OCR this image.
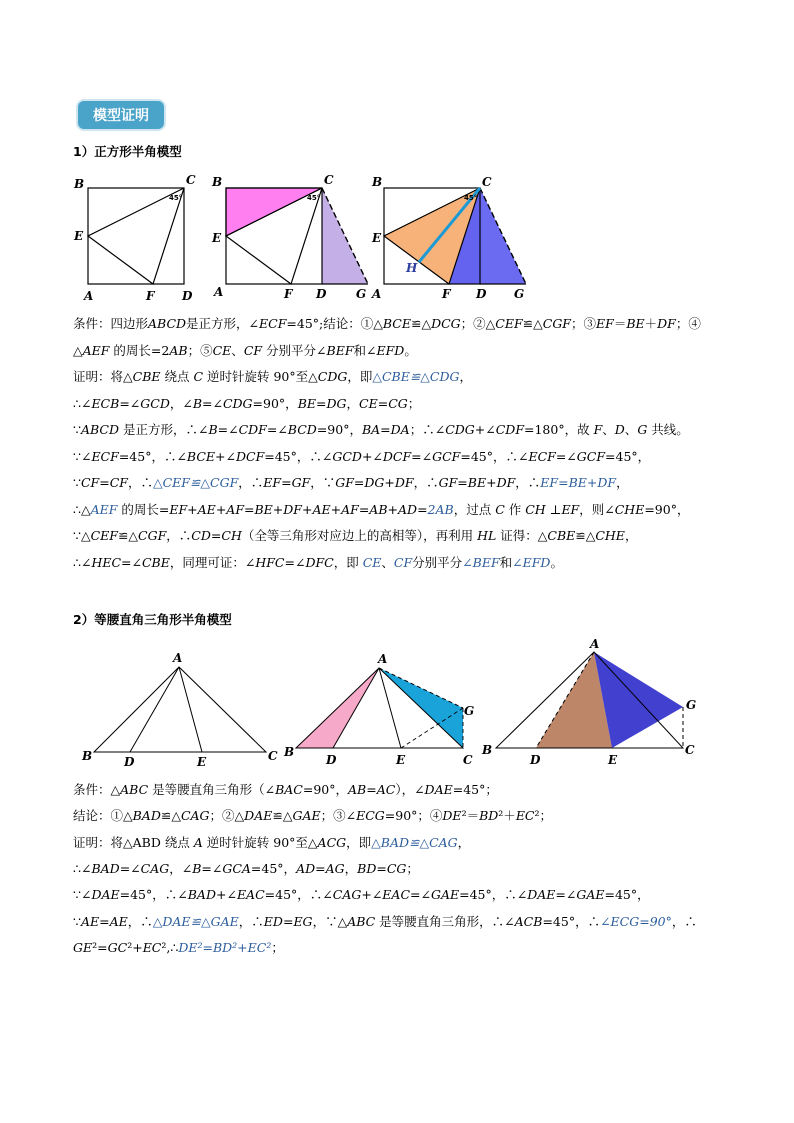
模型证明
1）正方形半角模型
B	C
E
A	F D
45°
B	C
E
A	F D G
45°
B	C
E
H
A	F D G
45°
条件：四边形ABCD是正方形，∠ECF=45°;结论：①△BCE≌△DCG；②△CEF≌△CGF；③EF＝BE＋DF；④
△AEF 的周长=2AB；⑤CE、CF 分别平分∠BEF和∠EFD。
证明：将△CBE 绕点 C 逆时针旋转 90°至△CDG，即△CBE≌△CDG，
∴∠ECB=∠GCD，∠B=∠CDG=90°，BE=DG，CE=CG；
∵ABCD 是正方形，∴∠B=∠CDF=∠BCD=90°，BA=DA；∴∠CDG+∠CDF=180°，故 F、D、G 共线。
∵∠ECF=45°，∴∠BCE+∠DCF=45°，∴∠GCD+∠DCF=∠GCF=45°，∴∠ECF=∠GCF=45°，
∵CF=CF，∴△CEF≌△CGF，∴EF=GF，∵GF=DG+DF，∴GF=BE+DF，∴EF=BE+DF，
∴△AEF 的周长=EF+AE+AF=BE+DF+AE+AF=AB+AD=2AB，过点 C 作 CH ⊥EF，则∠CHE=90°，
∵△CEF≌△CGF，∴CD=CH（全等三角形对应边上的高相等），再利用 HL 证得：△CBE≌△CHE，
∴∠HEC=∠CBE，同理可证：∠HFC=∠DFC，即 CE、CF分别平分∠BEF和∠EFD。
2）等腰直角三角形半角模型
A
B	D	E	C
A
B
D	E	C
G
A
B
D	E
C
G
条件：△ABC 是等腰直角三角形（∠BAC=90°，AB=AC），∠DAE=45°；
结论：①△BAD≌△CAG；②△DAE≌△GAE；③∠ECG=90°；④DE²＝BD²＋EC²；
证明：将△ABD 绕点 A 逆时针旋转 90°至△ACG，即△BAD≌△CAG，
∴∠BAD=∠CAG，∠B=∠GCA=45°，AD=AG，BD=CG；
∵∠DAE=45°，∴∠BAD+∠EAC=45°，∴∠CAG+∠EAC=∠GAE=45°，∴∠DAE=∠GAE=45°，
∵AE=AE，∴△DAE≌△GAE，∴ED=EG，∵△ABC 是等腰直角三角形，∴∠ACB=45°，∴∠ECG=90°，∴
GE²=GC²+EC²,∴DE²=BD²+EC²；
